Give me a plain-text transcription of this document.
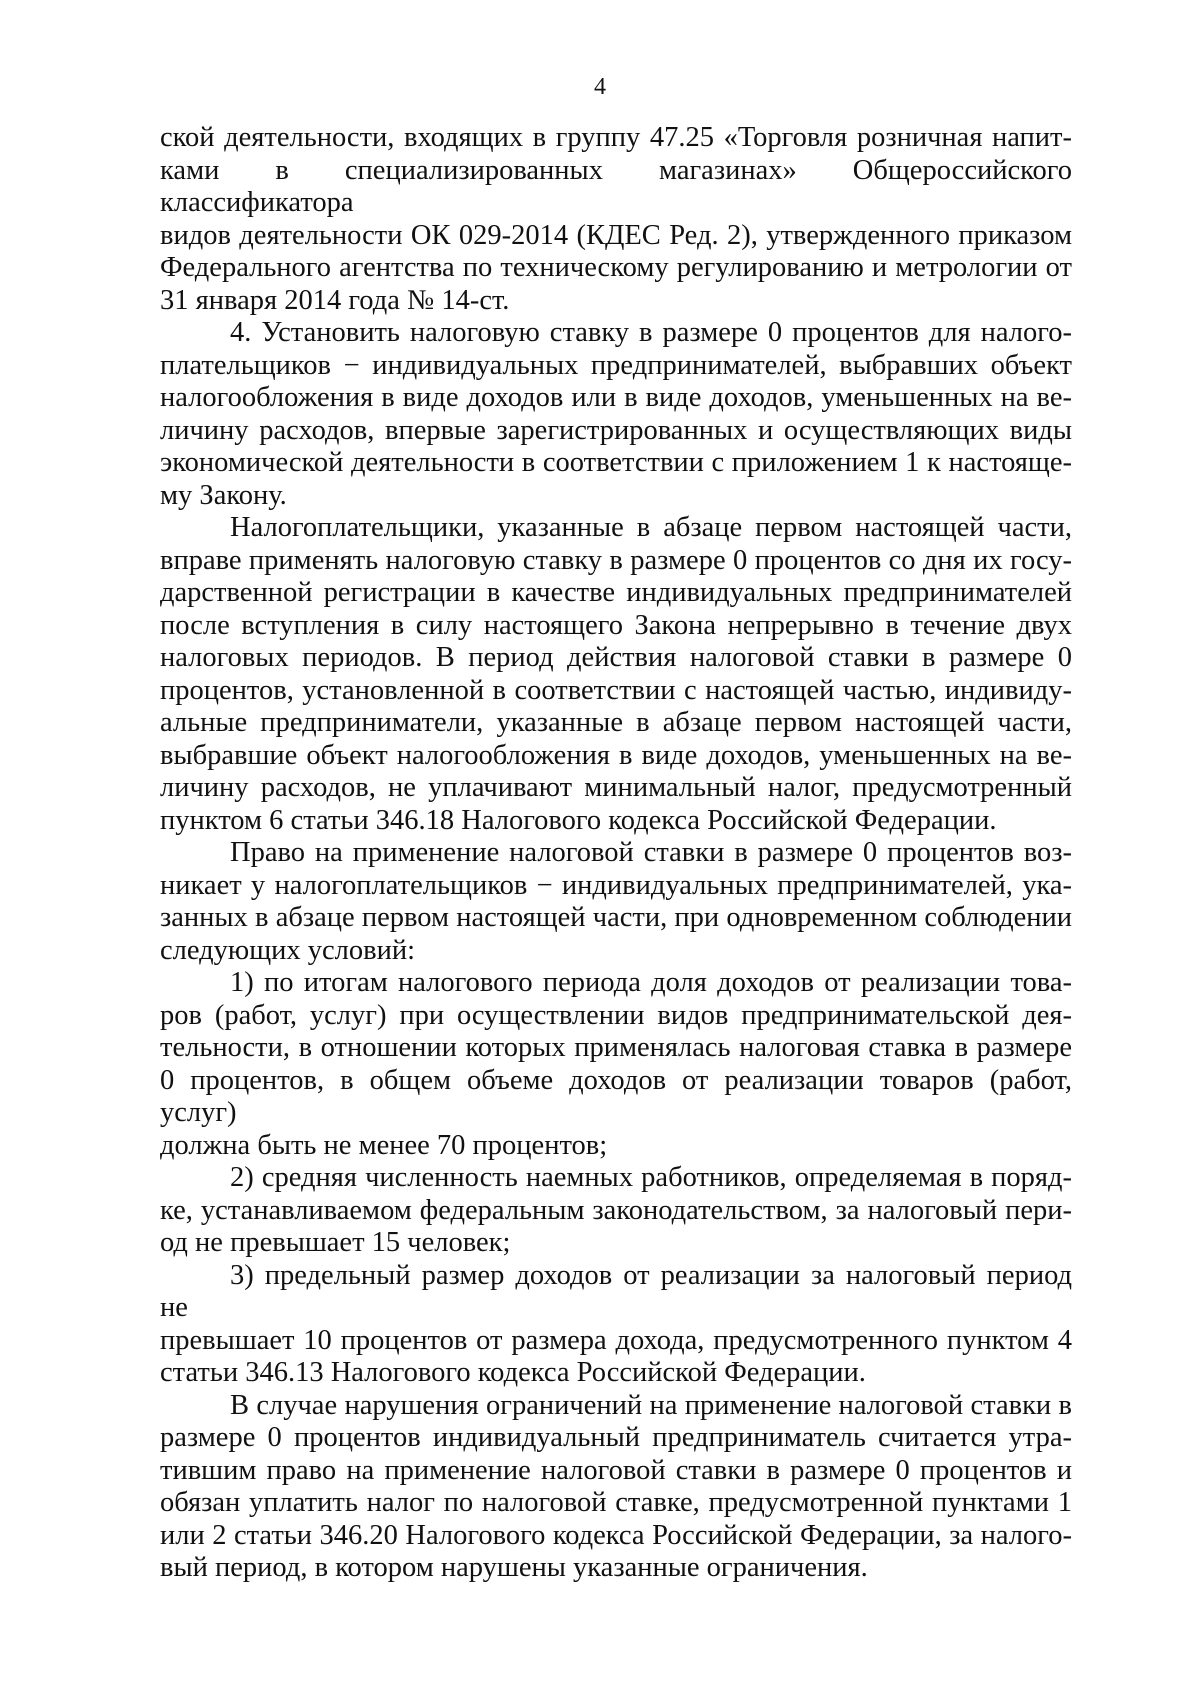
4

ской деятельности, входящих в группу 47.25 «Торговля розничная напит-
ками в специализированных магазинах» Общероссийского классификатора
видов деятельности ОК 029-2014 (КДЕС Ред. 2), утвержденного приказом
Федерального агентства по техническому регулированию и метрологии от
31 января 2014 года № 14-ст.

4. Установить налоговую ставку в размере 0 процентов для налого-
плательщиков − индивидуальных предпринимателей, выбравших объект
налогообложения в виде доходов или в виде доходов, уменьшенных на ве-
личину расходов, впервые зарегистрированных и осуществляющих виды
экономической деятельности в соответствии с приложением 1 к настояще-
му Закону.

Налогоплательщики, указанные в абзаце первом настоящей части,
вправе применять налоговую ставку в размере 0 процентов со дня их госу-
дарственной регистрации в качестве индивидуальных предпринимателей
после вступления в силу настоящего Закона непрерывно в течение двух
налоговых периодов. В период действия налоговой ставки в размере 0
процентов, установленной в соответствии с настоящей частью, индивиду-
альные предприниматели, указанные в абзаце первом настоящей части,
выбравшие объект налогообложения в виде доходов, уменьшенных на ве-
личину расходов, не уплачивают минимальный налог, предусмотренный
пунктом 6 статьи 346.18 Налогового кодекса Российской Федерации.

Право на применение налоговой ставки в размере 0 процентов воз-
никает у налогоплательщиков − индивидуальных предпринимателей, ука-
занных в абзаце первом настоящей части, при одновременном соблюдении
следующих условий:

1) по итогам налогового периода доля доходов от реализации това-
ров (работ, услуг) при осуществлении видов предпринимательской дея-
тельности, в отношении которых применялась налоговая ставка в размере
0 процентов, в общем объеме доходов от реализации товаров (работ, услуг)
должна быть не менее 70 процентов;

2) средняя численность наемных работников, определяемая в поряд-
ке, устанавливаемом федеральным законодательством, за налоговый пери-
од не превышает 15 человек;

3) предельный размер доходов от реализации за налоговый период не
превышает 10 процентов от размера дохода, предусмотренного пунктом 4
статьи 346.13 Налогового кодекса Российской Федерации.

В случае нарушения ограничений на применение налоговой ставки в
размере 0 процентов индивидуальный предприниматель считается утра-
тившим право на применение налоговой ставки в размере 0 процентов и
обязан уплатить налог по налоговой ставке, предусмотренной пунктами 1
или 2 статьи 346.20 Налогового кодекса Российской Федерации, за налого-
вый период, в котором нарушены указанные ограничения.
